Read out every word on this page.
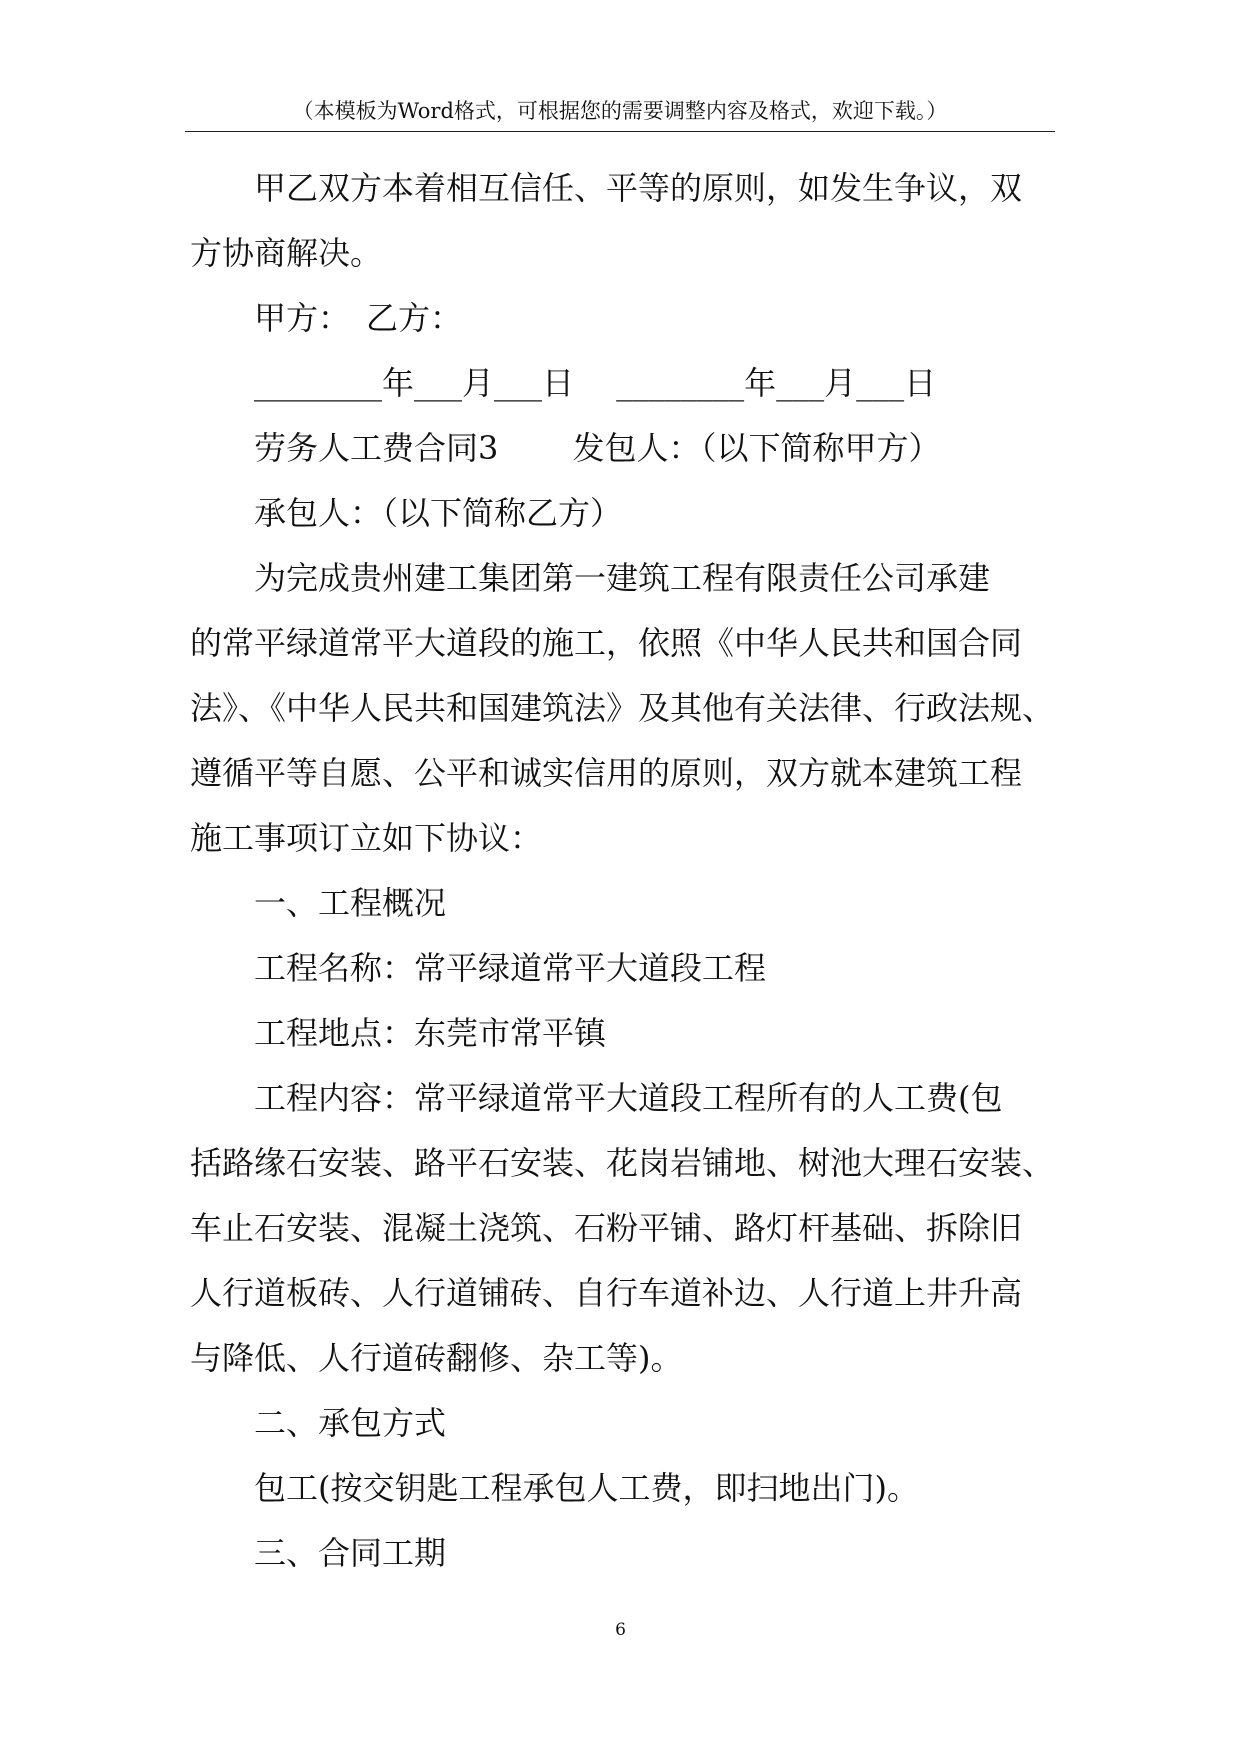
（本模板为Word格式，可根据您的需要调整内容及格式，欢迎下载。）
甲乙双方本着相互信任、平等的原则，如发生争议，双
方协商解决。
甲方：　乙方：
________年___月___日　 ________年___月___日
劳务人工费合同3　　 发包人：（以下简称甲方）
承包人：（以下简称乙方）
为完成贵州建工集团第一建筑工程有限责任公司承建
的常平绿道常平大道段的施工，依照《中华人民共和国合同
法》、《中华人民共和国建筑法》及其他有关法律、行政法规、
遵循平等自愿、公平和诚实信用的原则，双方就本建筑工程
施工事项订立如下协议：
一、工程概况
工程名称：常平绿道常平大道段工程
工程地点：东莞市常平镇
工程内容：常平绿道常平大道段工程所有的人工费(包
括路缘石安装、路平石安装、花岗岩铺地、树池大理石安装、
车止石安装、混凝土浇筑、石粉平铺、路灯杆基础、拆除旧
人行道板砖、人行道铺砖、自行车道补边、人行道上井升高
与降低、人行道砖翻修、杂工等)。
二、承包方式
包工(按交钥匙工程承包人工费，即扫地出门)。
三、合同工期
6
